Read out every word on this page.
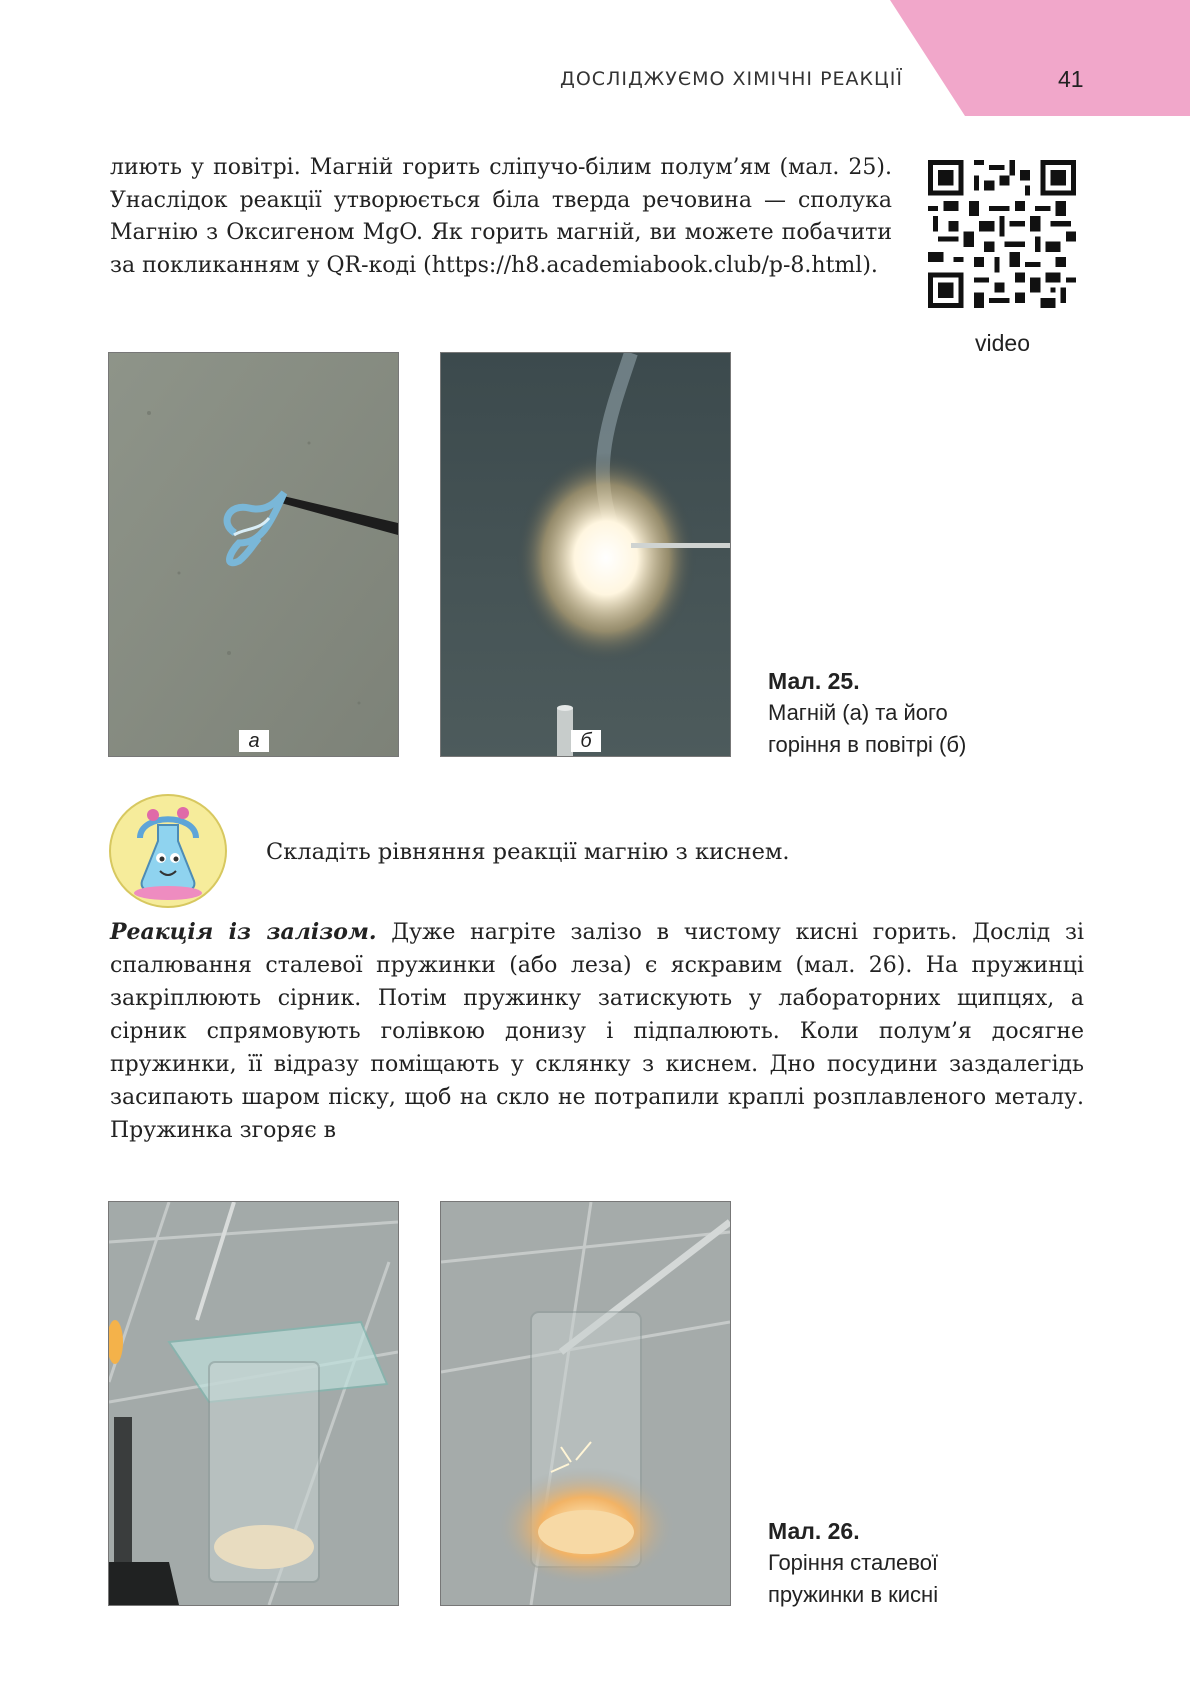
ДОСЛІДЖУЄМО ХІМІЧНІ РЕАКЦІЇ	41

лиють у повітрі. Магній горить сліпучо-білим полум’ям (мал. 25). Унаслідок реакції утворюється біла тверда речовина — сполука Магнію з Оксигеном MgO. Як горить магній, ви можете побачити за покликанням у QR-коді (https://h8.academiabook.club/p-8.html).

video
а	б
Мал. 25.
Магній (а) та його
горіння в повітрі (б)
Складіть рівняння реакції магнію з киснем.

Реакція із залізом. Дуже нагріте залізо в чистому кисні горить. Дослід зі спалювання сталевої пружинки (або леза) є яскравим (мал. 26). На пружинці закріплюють сірник. Потім пружинку затискують у лабораторних щипцях, а сірник спрямовують голівкою донизу і підпалюють. Коли полум’я досягне пружинки, її відразу поміщають у склянку з киснем. Дно посудини заздалегідь засипають шаром піску, щоб на скло не потрапили краплі розплавленого металу. Пружинка згоряє в

Мал. 26.
Горіння сталевої
пружинки в кисні
